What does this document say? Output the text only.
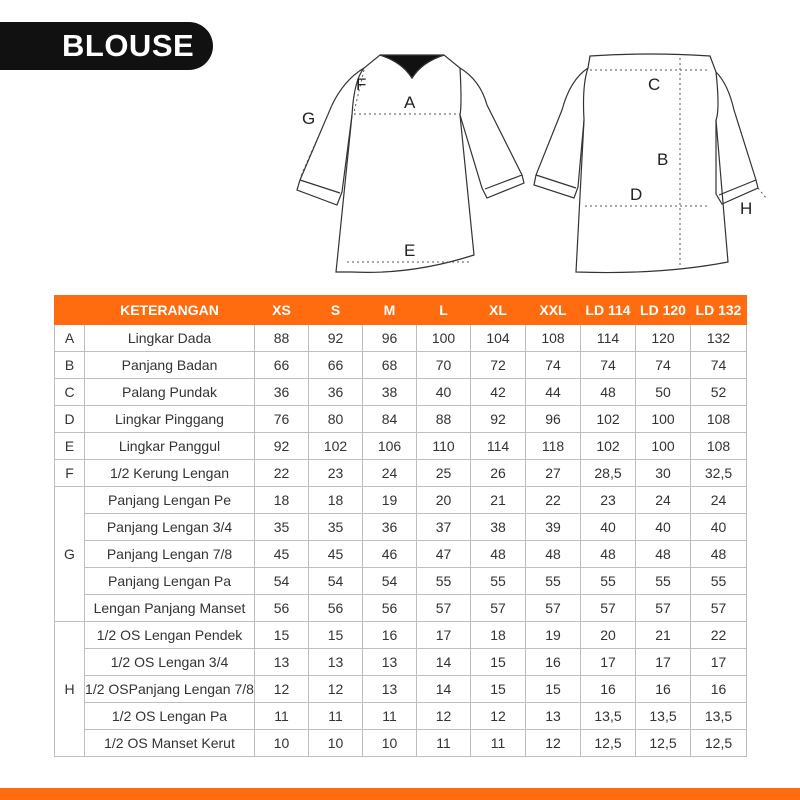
BLOUSE
F
A
G
E
C
B
D
H
	KETERANGAN	XS	S	M	L	XL	XXL	LD 114	LD 120	LD 132
A	Lingkar Dada	88	92	96	100	104	108	114	120	132
B	Panjang Badan	66	66	68	70	72	74	74	74	74
C	Palang Pundak	36	36	38	40	42	44	48	50	52
D	Lingkar Pinggang	76	80	84	88	92	96	102	100	108
E	Lingkar Panggul	92	102	106	110	114	118	102	100	108
F	1/2 Kerung Lengan	22	23	24	25	26	27	28,5	30	32,5
G	Panjang Lengan Pe	18	18	19	20	21	22	23	24	24
	Panjang Lengan 3/4	35	35	36	37	38	39	40	40	40
	Panjang Lengan 7/8	45	45	46	47	48	48	48	48	48
	Panjang Lengan Pa	54	54	54	55	55	55	55	55	55
	Lengan Panjang Manset	56	56	56	57	57	57	57	57	57
H	1/2 OS Lengan Pendek	15	15	16	17	18	19	20	21	22
	1/2 OS Lengan 3/4	13	13	13	14	15	16	17	17	17
	1/2 OSPanjang Lengan 7/8	12	12	13	14	15	15	16	16	16
	1/2 OS Lengan Pa	11	11	11	12	12	13	13,5	13,5	13,5
	1/2 OS Manset Kerut	10	10	10	11	11	12	12,5	12,5	12,5
